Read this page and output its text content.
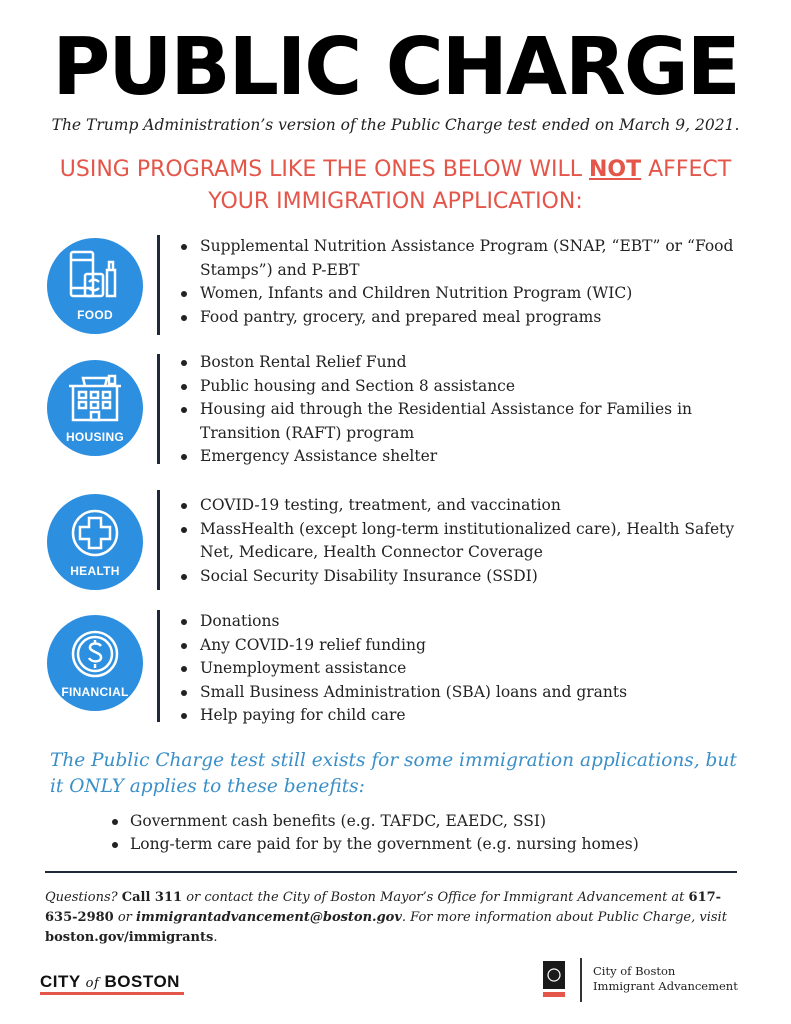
PUBLIC CHARGE
The Trump Administration’s version of the Public Charge test ended on March 9, 2021.
USING PROGRAMS LIKE THE ONES BELOW WILL NOT AFFECT YOUR IMMIGRATION APPLICATION:
FOOD
Supplemental Nutrition Assistance Program (SNAP, “EBT” or “Food Stamps”) and P-EBT
Women, Infants and Children Nutrition Program (WIC)
Food pantry, grocery, and prepared meal programs
HOUSING
Boston Rental Relief Fund
Public housing and Section 8 assistance
Housing aid through the Residential Assistance for Families in Transition (RAFT) program
Emergency Assistance shelter
HEALTH
COVID-19 testing, treatment, and vaccination
MassHealth (except long-term institutionalized care), Health Safety Net, Medicare, Health Connector Coverage
Social Security Disability Insurance (SSDI)
FINANCIAL
Donations
Any COVID-19 relief funding
Unemployment assistance
Small Business Administration (SBA) loans and grants
Help paying for child care
The Public Charge test still exists for some immigration applications, but it ONLY applies to these benefits:
Government cash benefits (e.g. TAFDC, EAEDC, SSI)
Long-term care paid for by the government (e.g. nursing homes)
Questions? Call 311 or contact the City of Boston Mayor’s Office for Immigrant Advancement at 617-635-2980 or immigrantadvancement@boston.gov. For more information about Public Charge, visit boston.gov/immigrants.
CITY of BOSTON
City of Boston
Immigrant Advancement
